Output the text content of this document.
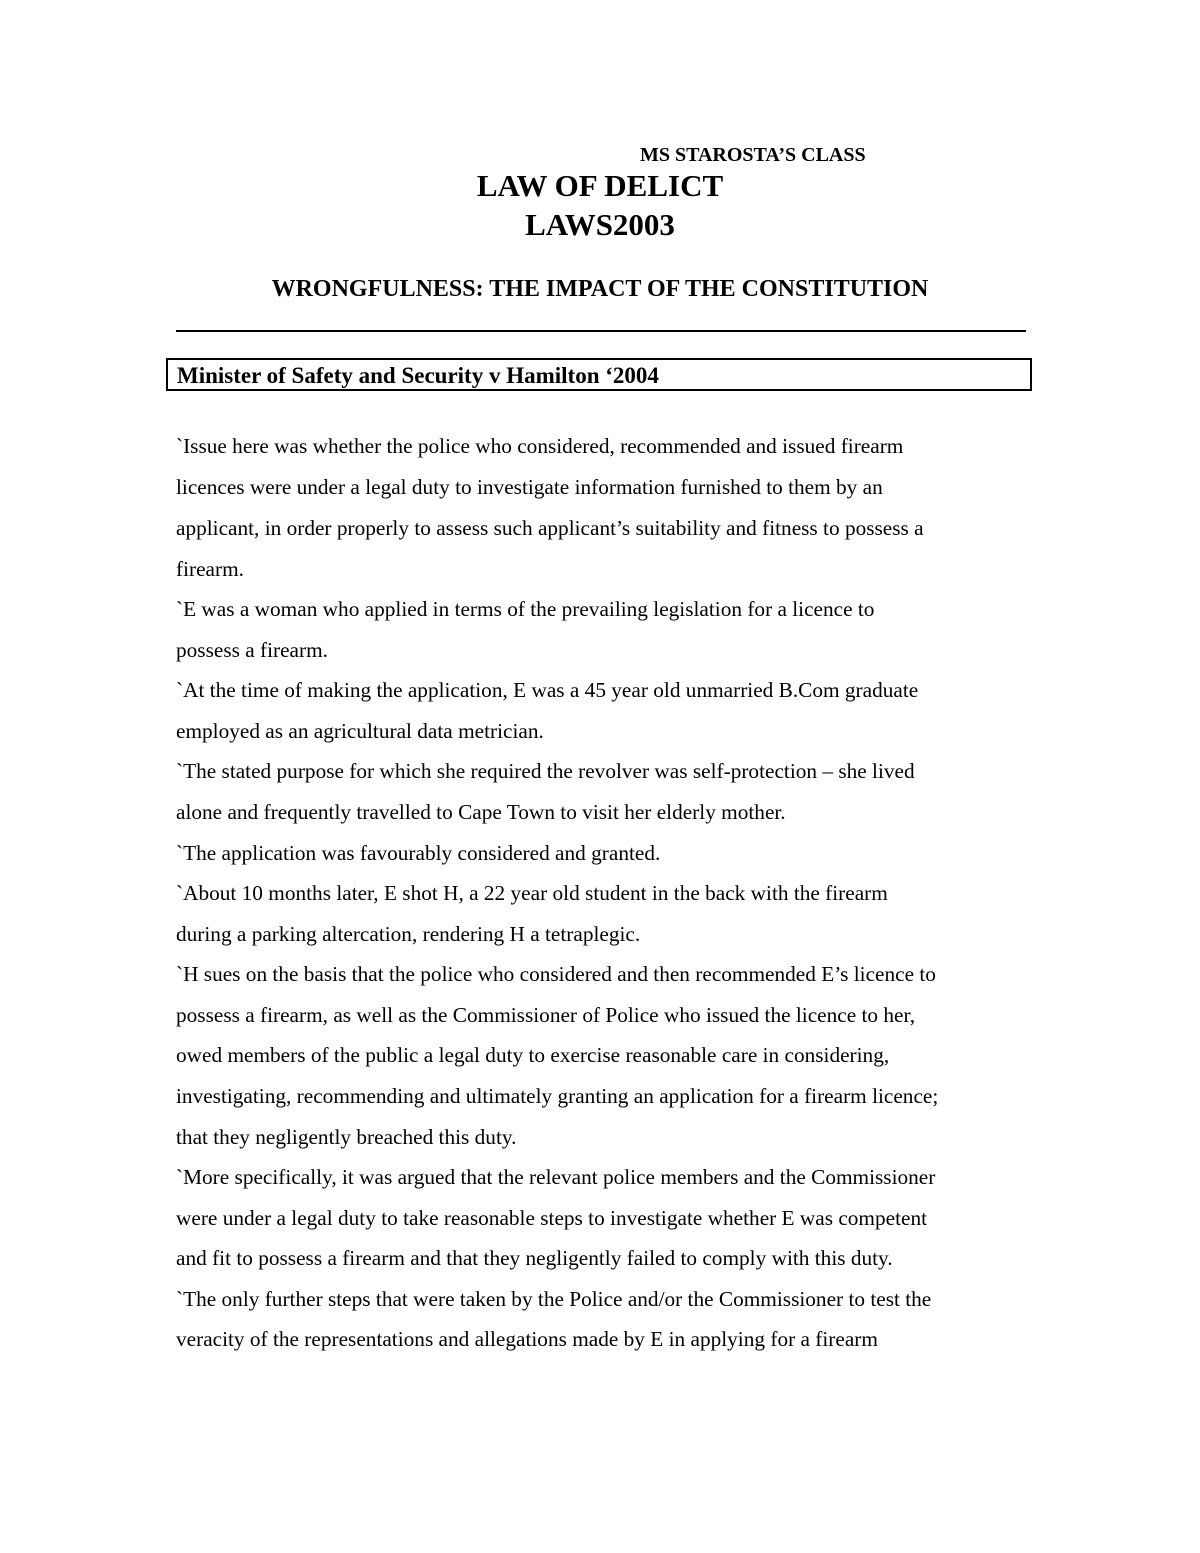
MS STAROSTA’S CLASS
LAW OF DELICT
LAWS2003
WRONGFULNESS: THE IMPACT OF THE CONSTITUTION
Minister of Safety and Security v Hamilton ‘2004
`Issue here was whether the police who considered, recommended and issued firearm
licences were under a legal duty to investigate information furnished to them by an
applicant, in order properly to assess such applicant’s suitability and fitness to possess a
firearm.
`E was a woman who applied in terms of the prevailing legislation for a licence to
possess a firearm.
`At the time of making the application, E was a 45 year old unmarried B.Com graduate
employed as an agricultural data metrician.
`The stated purpose for which she required the revolver was self-protection – she lived
alone and frequently travelled to Cape Town to visit her elderly mother.
`The application was favourably considered and granted.
`About 10 months later, E shot H, a 22 year old student in the back with the firearm
during a parking altercation, rendering H a tetraplegic.
`H sues on the basis that the police who considered and then recommended E’s licence to
possess a firearm, as well as the Commissioner of Police who issued the licence to her,
owed members of the public a legal duty to exercise reasonable care in considering,
investigating, recommending and ultimately granting an application for a firearm licence;
that they negligently breached this duty.
`More specifically, it was argued that the relevant police members and the Commissioner
were under a legal duty to take reasonable steps to investigate whether E was competent
and fit to possess a firearm and that they negligently failed to comply with this duty.
`The only further steps that were taken by the Police and/or the Commissioner to test the
veracity of the representations and allegations made by E in applying for a firearm
